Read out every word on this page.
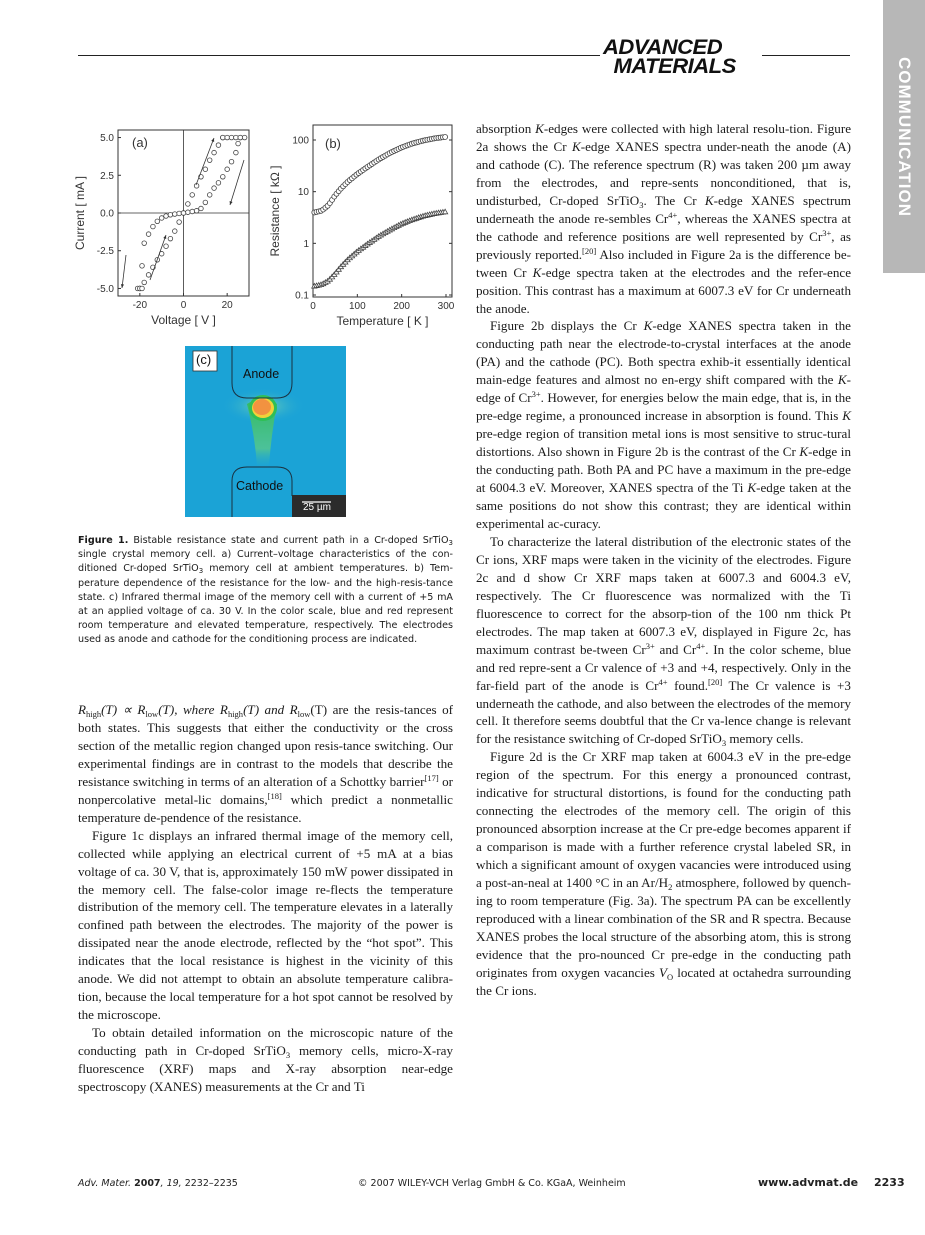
ADVANCED
MATERIALS	COMMUNICATION
-20	0	20
5.0
2.5
0.0
-2.5
-5.0
Voltage [ V ]
Current [ mA ]
(a)
0	100	200	300
0.1
1
10
100
Temperature [ K ]
Resistance [ kΩ ]
(b)
(c)
Anode
Cathode
25 µm
Figure 1. Bistable resistance state and current path in a Cr-doped SrTiO$_3$ single crystal memory cell. a) Current–voltage characteristics of the con-ditioned Cr-doped SrTiO$_3$ memory cell at ambient temperatures. b) Tem-perature dependence of the resistance for the low- and the high-resis-tance state. c) Infrared thermal image of the memory cell with a current of +5 mA at an applied voltage of ca. 30 V. In the color scale, blue and red represent room temperature and elevated temperature, respectively. The electrodes used as anode and cathode for the conditioning process are indicated.

$R_{high}(T) \propto R_{low}(T)$, where $R_{high}(T)$ and $R_{low}(T)$ are the resis-tances of both states. This suggests that either the conductivity or the cross section of the metallic region changed upon resis-tance switching. Our experimental findings are in contrast to the models that describe the resistance switching in terms of an alteration of a Schottky barrier[17] or nonpercolative metal-lic domains,[18] which predict a nonmetallic temperature de-pendence of the resistance.

Figure 1c displays an infrared thermal image of the memory cell, collected while applying an electrical current of +5 mA at a bias voltage of ca. 30 V, that is, approximately 150 mW power dissipated in the memory cell. The false-color image re-flects the temperature distribution of the memory cell. The temperature elevates in a laterally confined path between the electrodes. The majority of the power is dissipated near the anode electrode, reflected by the “hot spot”. This indicates that the local resistance is highest in the vicinity of this anode. We did not attempt to obtain an absolute temperature calibra-tion, because the local temperature for a hot spot cannot be resolved by the microscope.

To obtain detailed information on the microscopic nature of the conducting path in Cr-doped SrTiO$_3$ memory cells, micro-X-ray fluorescence (XRF) maps and X-ray absorption near-edge spectroscopy (XANES) measurements at the Cr and Ti

absorption K-edges were collected with high lateral resolu-tion. Figure 2a shows the Cr K-edge XANES spectra under-neath the anode (A) and cathode (C). The reference spectrum (R) was taken 200 µm away from the electrodes, and repre-sents nonconditioned, that is, undisturbed, Cr-doped SrTiO$_3$. The Cr K-edge XANES spectrum underneath the anode re-sembles $Cr^{4+}$, whereas the XANES spectra at the cathode and reference positions are well represented by $Cr^{3+}$, as previously reported.[20] Also included in Figure 2a is the difference be-tween Cr K-edge spectra taken at the electrodes and the refer-ence position. This contrast has a maximum at 6007.3 eV for Cr underneath the anode.

Figure 2b displays the Cr K-edge XANES spectra taken in the conducting path near the electrode-to-crystal interfaces at the anode (PA) and the cathode (PC). Both spectra exhib-it essentially identical main-edge features and almost no en-ergy shift compared with the K-edge of $Cr^{3+}$. However, for energies below the main edge, that is, in the pre-edge regime, a pronounced increase in absorption is found. This K pre-edge region of transition metal ions is most sensitive to struc-tural distortions. Also shown in Figure 2b is the contrast of the Cr K-edge in the conducting path. Both PA and PC have a maximum in the pre-edge at 6004.3 eV. Moreover, XANES spectra of the Ti K-edge taken at the same positions do not show this contrast; they are identical within experimental ac-curacy.

To characterize the lateral distribution of the electronic states of the Cr ions, XRF maps were taken in the vicinity of the electrodes. Figure 2c and d show Cr XRF maps taken at 6007.3 and 6004.3 eV, respectively. The Cr fluorescence was normalized with the Ti fluorescence to correct for the absorp-tion of the 100 nm thick Pt electrodes. The map taken at 6007.3 eV, displayed in Figure 2c, has maximum contrast be-tween $Cr^{3+}$ and $Cr^{4+}$. In the color scheme, blue and red repre-sent a Cr valence of +3 and +4, respectively. Only in the far-field part of the anode is $Cr^{4+}$ found.[20] The Cr valence is +3 underneath the cathode, and also between the electrodes of the memory cell. It therefore seems doubtful that the Cr va-lence change is relevant for the resistance switching of Cr-doped SrTiO$_3$ memory cells.

Figure 2d is the Cr XRF map taken at 6004.3 eV in the pre-edge region of the spectrum. For this energy a pronounced contrast, indicative for structural distortions, is found for the conducting path connecting the electrodes of the memory cell. The origin of this pronounced absorption increase at the Cr pre-edge becomes apparent if a comparison is made with a further reference crystal labeled SR, in which a significant amount of oxygen vacancies were introduced using a post-an-neal at 1400 °C in an $Ar/H_2$ atmosphere, followed by quench-ing to room temperature (Fig. 3a). The spectrum PA can be excellently reproduced with a linear combination of the SR and R spectra. Because XANES probes the local structure of the absorbing atom, this is strong evidence that the pro-nounced Cr pre-edge in the conducting path originates from oxygen vacancies $V_O$ located at octahedra surrounding the Cr ions.

Adv. Mater. 2007, 19, 2232–2235	© 2007 WILEY-VCH Verlag GmbH & Co. KGaA, Weinheim	www.advmat.de 2233
